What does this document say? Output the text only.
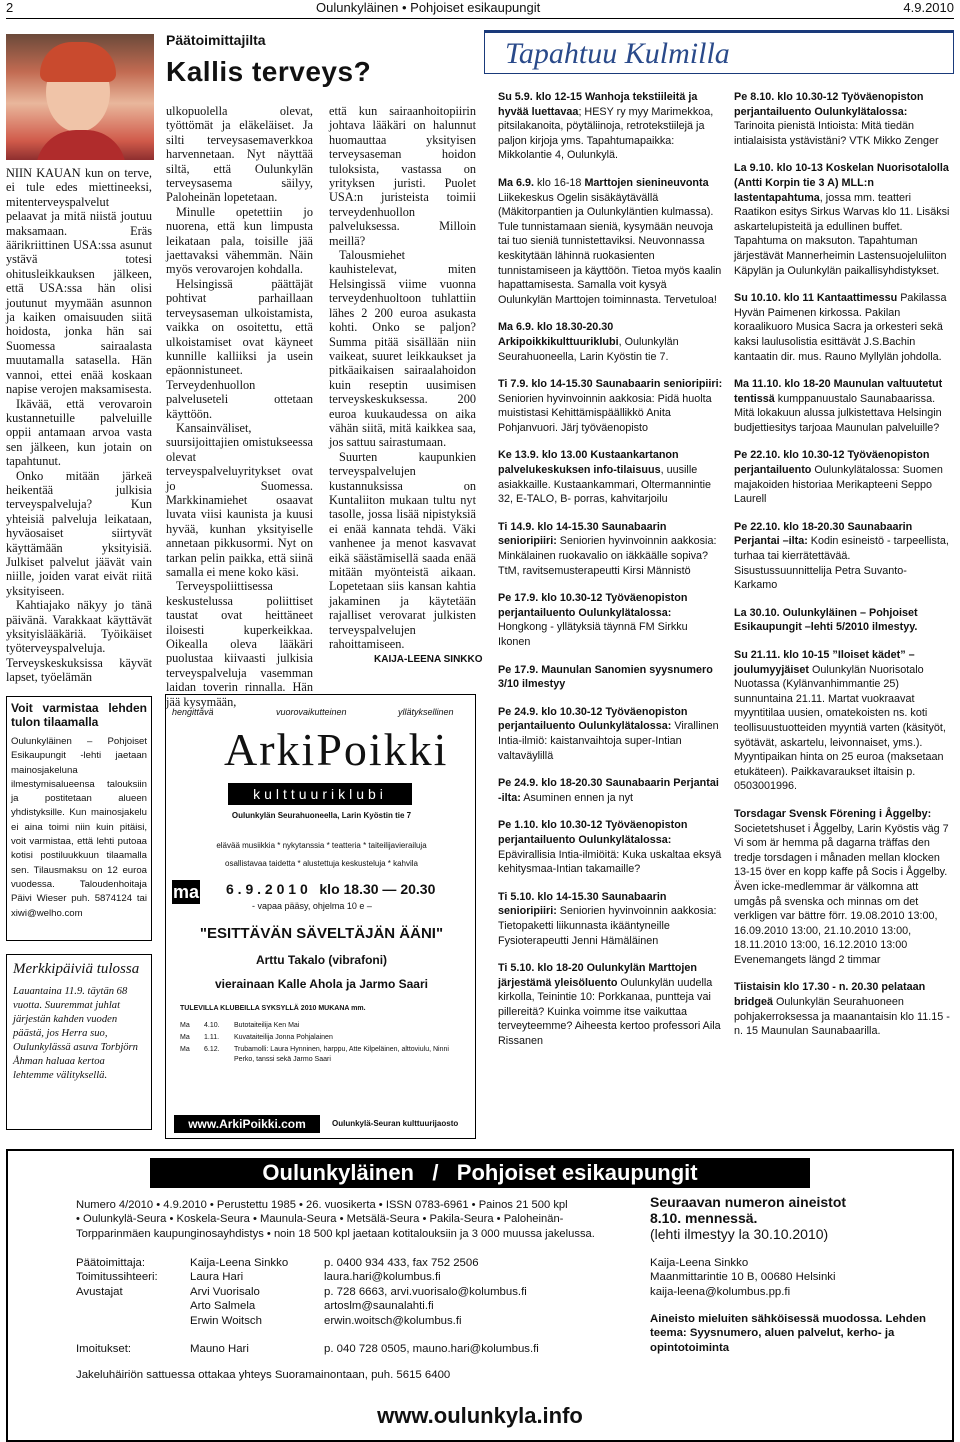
2	Oulunkyläinen • Pohjoiset esikaupungit	4.9.2010
Päätoimittajilta
Kallis terveys?

NIIN KAUAN kun on terve, ei tule edes miettineeksi, mitenterveyspalvelut pelaavat ja mitä niistä joutuu maksamaan. Eräs äärikriittinen USA:ssa asunut ystävä totesi ohitusleikkauksen jälkeen, että USA:ssa hän olisi joutunut myymään asunnon ja kaiken omaisuuden siitä hoidosta, jonka hän sai Suomessa sairaalasta muutamalla satasella. Hän vannoi, ettei enää koskaan napise verojen maksamisesta.

Ikävää, että verovaroin kustannetuille palveluille oppii antamaan arvoa vasta sen jälkeen, kun jotain on tapahtunut.

Onko mitään järkeä heikentää julkisia terveyspalveluja? Kun yhteisiä palveluja leikataan, hyväosaiset siirtyvät käyttämään yksityisiä. Julkiset palvelut jäävät vain niille, joiden varat eivät riitä yksityiseen.

Kahtiajako näkyy jo tänä päivänä. Varakkaat käyttävät yksityislääkäriä. Työikäiset työterveyspalveluja. Terveyskeskuksissa käyvät lapset, työelämän

ulkopuolella olevat, työttömät ja eläkeläiset. Ja silti terveysasemaverkkoa harvennetaan. Nyt näyttää siltä, että Oulunkylän terveysasema säilyy, Paloheinän lopetetaan.

Minulle opetettiin jo nuorena, että kun limpusta leikataan pala, toisille jää jaettavaksi vähemmän. Näin myös verovarojen kohdalla.

Helsingissä päättäjät pohtivat parhaillaan terveysaseman ulkoistamista, vaikka on osoitettu, että ulkoistamiset ovat käyneet kunnille kalliiksi ja usein epäonnistuneet. Terveydenhuollon palveluseteli ottetaan käyttöön.

Kansainväliset, suursijoittajien omistukseessa olevat terveyspalveluyritykset ovat jo Suomessa. Markkinamiehet osaavat luvata viisi kaunista ja kuusi hyvää, kunhan yksityiselle annetaan pikkusormi. Nyt on tarkan pelin paikka, että siinä samalla ei mene koko käsi.

Terveyspoliittisessa keskustelussa poliittiset taustat ovat heittäneet iloisesti kuperkeikkaa. Oikealla oleva lääkäri puolustaa kiivaasti julkisia terveyspalveluja vasemman laidan toverin rinnalla. Hän jää kysymään,

että kun sairaanhoitopiirin johtava lääkäri on halunnut huomauttaa yksityisen terveysaseman hoidon tuloksista, vastassa on yrityksen juristi. Puolet USA:n juristeista toimii terveydenhuollon palveluksessa. Milloin meillä?

Talousmiehet kauhistelevat, miten Helsingissä viime vuonna terveydenhuoltoon tuhlattiin lähes 2 200 euroa asukasta kohti. Onko se paljon? Summa pitää sisällään niin vaikeat, suuret leikkaukset ja pitkäaikaisen sairaalahoidon kuin reseptin uusimisen terveyskeskuksessa. 200 euroa kuukaudessa on aika vähän siitä, mitä kaikkea saa, jos sattuu sairastumaan.

Suurten kaupunkien terveyspalvelujen kustannuksissa on Kuntaliiton mukaan tultu nyt tasolle, jossa lisää nipistyksiä ei enää kannata tehdä. Väki vanhenee ja menot kasvavat eikä säästämisellä saada enää mitään myönteistä aikaan. Lopetetaan siis kansan kahtia jakaminen ja käytetään rajalliset verovarat julkisten terveyspalvelujen rahoittamiseen.

KAIJA-LEENA SINKKO
Voit varmistaa lehden tulon tilaamalla
Oulunkyläinen – Pohjoiset Esikaupungit -lehti jaetaan mainosjakeluna ilmestymisalueensa talouksiin ja postitetaan alueen yhdistyksille. Kun mainosjakelu ei aina toimi niin kuin pitäisi, voit varmistaa, että lehti putoaa kotisi postiluukkuun tilaamalla sen. Tilausmaksu on 12 euroa vuodessa. Taloudenhoitaja Päivi Wieser puh. 5874124 tai xiwi@welho.com
Merkkipäiviä tulossa
Lauantaina 11.9. täytän 68 vuotta. Suuremmat juhlat järjestän kahden vuoden päästä, jos Herra suo, Oulunkylässä asuva Torbjörn Åhman haluaa kertoa lehtemme välityksellä.
hengittävä	vuorovaikutteinen	yllätyksellinen
ArkiPoikki
kulttuuriklubi
Oulunkylän Seurahuoneella, Larin Kyöstin tie 7
elävää musiikkia * nykytanssia * teatteria * taiteilijavierailuja
osallistavaa taidetta * alustettuja keskusteluja * kahvila
ma 6 . 9 . 2 0 1 0   klo 18.30 — 20.30
- vapaa pääsy, ohjelma 10 e –
"ESITTÄVÄN SÄVELTÄJÄN ÄÄNI"
Arttu Takalo (vibrafoni)
vierainaan Kalle Ahola ja Jarmo Saari
TULEVILLA KLUBEILLA SYKSYLLÄ 2010 MUKANA mm.
Ma	4.10.	Butotaiteilija Ken Mai
Ma	1.11.	Kuvataiteilija Jonna Pohjalainen
Ma	6.12.	Trubamolli: Laura Hynninen, harppu, Atte Kilpeläinen, alttoviulu, Ninni Perko, tanssi sekä Jarmo Saari
www.ArkiPoikki.com	Oulunkylä-Seuran kulttuurijaosto
Tapahtuu Kulmilla

Su 5.9. klo 12-15 Wanhoja tekstiileitä ja hyvää luettavaa; HESY ry myy Marimekkoa, pitsilakanoita, pöytäliinoja, retrotekstiilejä ja paljon kirjoja yms. Tapahtumapaikka: Mikkolantie 4, Oulunkylä.

Ma 6.9. klo 16-18 Marttojen sienineuvonta Liikekeskus Ogelin sisäkäytävällä (Mäkitorpantien ja Oulunkyläntien kulmassa). Tule tunnistamaan sieniä, kysymään neuvoja tai tuo sieniä tunnistettaviksi. Neuvonnassa keskitytään lähinnä ruokasienten tunnistamiseen ja käyttöön. Tietoa myös kaalin hapattamisesta. Samalla voit kysyä Oulunkylän Marttojen toiminnasta. Tervetuloa!

Ma 6.9. klo 18.30-20.30 Arkipoikkikulttuuriklubi, Oulunkylän Seurahuoneella, Larin Kyöstin tie 7.

Ti 7.9. klo 14-15.30 Saunabaarin senioripiiri: Seniorien hyvinvoinnin aakkosia: Pidä huolta muististasi Kehittämispäällikkö Anita Pohjanvuori. Järj työväenopisto

Ke 13.9. klo 13.00 Kustaankartanon palvelukeskuksen info-tilaisuus, uusille asiakkaille. Kustaankammari, Oltermannintie 32, E-TALO, B- porras, kahvitarjoilu

Ti 14.9. klo 14-15.30 Saunabaarin senioripiiri: Seniorien hyvinvoinnin aakkosia: Minkälainen ruokavalio on iäkkäälle sopiva? TtM, ravitsemusterapeutti Kirsi Männistö

Pe 17.9. klo 10.30-12 Työväenopiston perjantailuento Oulunkylätalossa: Hongkong - yllätyksiä täynnä FM Sirkku Ikonen

Pe 17.9. Maunulan Sanomien syysnumero 3/10 ilmestyy

Pe 24.9. klo 10.30-12 Työväenopiston perjantailuento Oulunkylätalossa: Virallinen Intia-ilmiö: kaistanvaihtoja super-Intian valtaväylillä

Pe 24.9. klo 18-20.30 Saunabaarin Perjantai -ilta: Asuminen ennen ja nyt

Pe 1.10. klo 10.30-12 Työväenopiston perjantailuento Oulunkylätalossa: Epävirallisia Intia-ilmiöitä: Kuka uskaltaa eksyä kehitysmaa-Intian takamaille?

Ti 5.10. klo 14-15.30 Saunabaarin senioripiiri: Seniorien hyvinvoinnin aakkosia: Tietopaketti liikunnasta ikääntyneille Fysioterapeutti Jenni Hämäläinen

Ti 5.10. klo 18-20 Oulunkylän Marttojen järjestämä yleisöluento Oulunkylän uudella kirkolla, Teinintie 10: Porkkanaa, puntteja vai pillereitä? Kuinka voimme itse vaikuttaa terveyteemme? Aiheesta kertoo professori Aila Rissanen

Pe 8.10. klo 10.30-12 Työväenopiston perjantailuento Oulunkylätalossa: Tarinoita pienistä Intioista: Mitä tiedän intialaisista ystävistäni? VTK Mikko Zenger

La 9.10. klo 10-13 Koskelan Nuorisotalolla (Antti Korpin tie 3 A) MLL:n lastentapahtuma, jossa mm. teatteri Raatikon esitys Sirkus Warvas klo 11. Lisäksi askartelupisteitä ja edullinen buffet. Tapahtuma on maksuton. Tapahtuman järjestävät Mannerheimin Lastensuojeluliiton Käpylän ja Oulunkylän paikallisyhdistykset.

Su 10.10. klo 11 Kantaattimessu Pakilassa Hyvän Paimenen kirkossa. Pakilan koraalikuoro Musica Sacra ja orkesteri sekä kaksi laulusolistia esittävät J.S.Bachin kantaatin dir. mus. Rauno Myllylän johdolla.

Ma 11.10. klo 18-20 Maunulan valtuutetut tentissä kumppanuustalo Saunabaarissa. Mitä lokakuun alussa julkistettava Helsingin budjettiesitys tarjoaa Maunulan palveluille?

Pe 22.10. klo 10.30-12 Työväenopiston perjantailuento Oulunkylätalossa: Suomen majakoiden historiaa Merikapteeni Seppo Laurell

Pe 22.10. klo 18-20.30 Saunabaarin Perjantai –ilta: Kodin esineistö - tarpeellista, turhaa tai kierrätettävää. Sisustussuunnittelija Petra Suvanto-Karkamo

La 30.10. Oulunkyläinen – Pohjoiset Esikaupungit –lehti 5/2010 ilmestyy.

Su 21.11. klo 10-15 ”Iloiset kädet” –joulumyyjäiset Oulunkylän Nuorisotalo Nuotassa (Kylänvanhimmantie 25) sunnuntaina 21.11. Martat vuokraavat myyntitilaa uusien, omatekoisten ns. koti teollisuustuotteiden myyntiä varten (käsityöt, syötävät, askartelu, leivonnaiset, yms.). Myyntipaikan hinta on 25 euroa (maksetaan etukäteen). Paikkavaraukset iltaisin p. 0503001996.

Torsdagar Svensk Förening i Åggelby: Societetshuset i Åggelby, Larin Kyöstis väg 7 Vi som är hemma på dagarna träffas den tredje torsdagen i månaden mellan klocken 13-15 över en kopp kaffe på Socis i Åggelby. Även icke-medlemmar är välkomna att umgås på svenska och minnas om det verkligen var bättre förr. 19.08.2010 13:00, 16.09.2010 13:00, 21.10.2010 13:00, 18.11.2010 13:00, 16.12.2010 13:00 Evenemangets längd 2 timmar

Tiistaisin klo 17.30 - n. 20.30 pelataan bridgeä Oulunkylän Seurahuoneen pohjakerroksessa ja maanantaisin klo 11.15 - n. 15 Maunulan Saunabaarilla.

Oulunkyläinen   /   Pohjoiset esikaupungit
Numero 4/2010 • 4.9.2010 • Perustettu 1985 • 26. vuosikerta • ISSN 0783-6961 • Painos 21 500 kpl
• Oulunkylä-Seura • Koskela-Seura • Maunula-Seura • Metsälä-Seura • Pakila-Seura • Paloheinän-
Torpparinmäen kaupunginosayhdistys • noin 18 500 kpl jaetaan kotitalouksiin ja 3 000 muussa jakelussa.
Seuraavan numeron aineistot
8.10. mennessä.
(lehti ilmestyy la 30.10.2010)
Päätoimittaja:	Kaija-Leena Sinkko	p. 0400 934 433, fax 752 2506
Toimitussihteeri:	Laura Hari	laura.hari@kolumbus.fi
Avustajat	Arvi Vuorisalo	p. 728 6663, arvi.vuorisalo@kolumbus.fi
Arto Salmela	artoslm@saunalahti.fi
Erwin Woitsch	erwin.woitsch@kolumbus.fi
Imoitukset:	Mauno Hari	p. 040 728 0505, mauno.hari@kolumbus.fi
Kaija-Leena Sinkko
Maanmittarintie 10 B, 00680 Helsinki
kaija-leena@kolumbus.pp.fi
Aineisto mieluiten sähköisessä muodossa. Lehden teema: Syysnumero, aluen palvelut, kerho- ja opintotoiminta
Jakeluhäiriön sattuessa ottakaa yhteys Suoramainontaan, puh. 5615 6400
www.oulunkyla.info
